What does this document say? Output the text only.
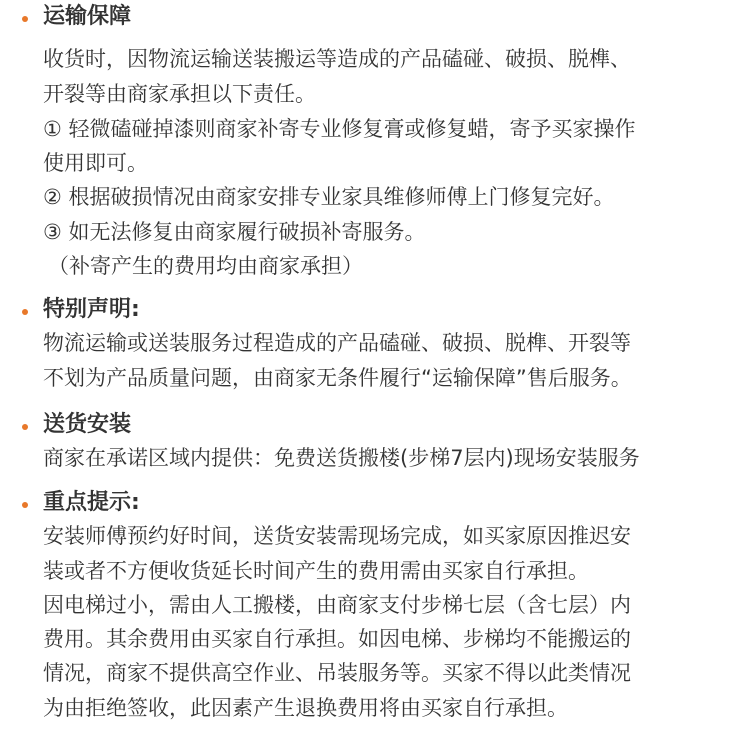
运输保障
收货时，因物流运输送装搬运等造成的产品磕碰、破损、脱榫、
开裂等由商家承担以下责任。
① 轻微磕碰掉漆则商家补寄专业修复膏或修复蜡，寄予买家操作
使用即可。
② 根据破损情况由商家安排专业家具维修师傅上门修复完好。
③ 如无法修复由商家履行破损补寄服务。
（补寄产生的费用均由商家承担）
特别声明:
物流运输或送装服务过程造成的产品磕碰、破损、脱榫、开裂等
不划为产品质量问题，由商家无条件履行“运输保障”售后服务。
送货安装
商家在承诺区域内提供：免费送货搬楼(步梯7层内)现场安装服务
重点提示:
安装师傅预约好时间，送货安装需现场完成，如买家原因推迟安
装或者不方便收货延长时间产生的费用需由买家自行承担。
因电梯过小，需由人工搬楼，由商家支付步梯七层（含七层）内
费用。其余费用由买家自行承担。如因电梯、步梯均不能搬运的
情况，商家不提供高空作业、吊装服务等。买家不得以此类情况
为由拒绝签收，此因素产生退换费用将由买家自行承担。
